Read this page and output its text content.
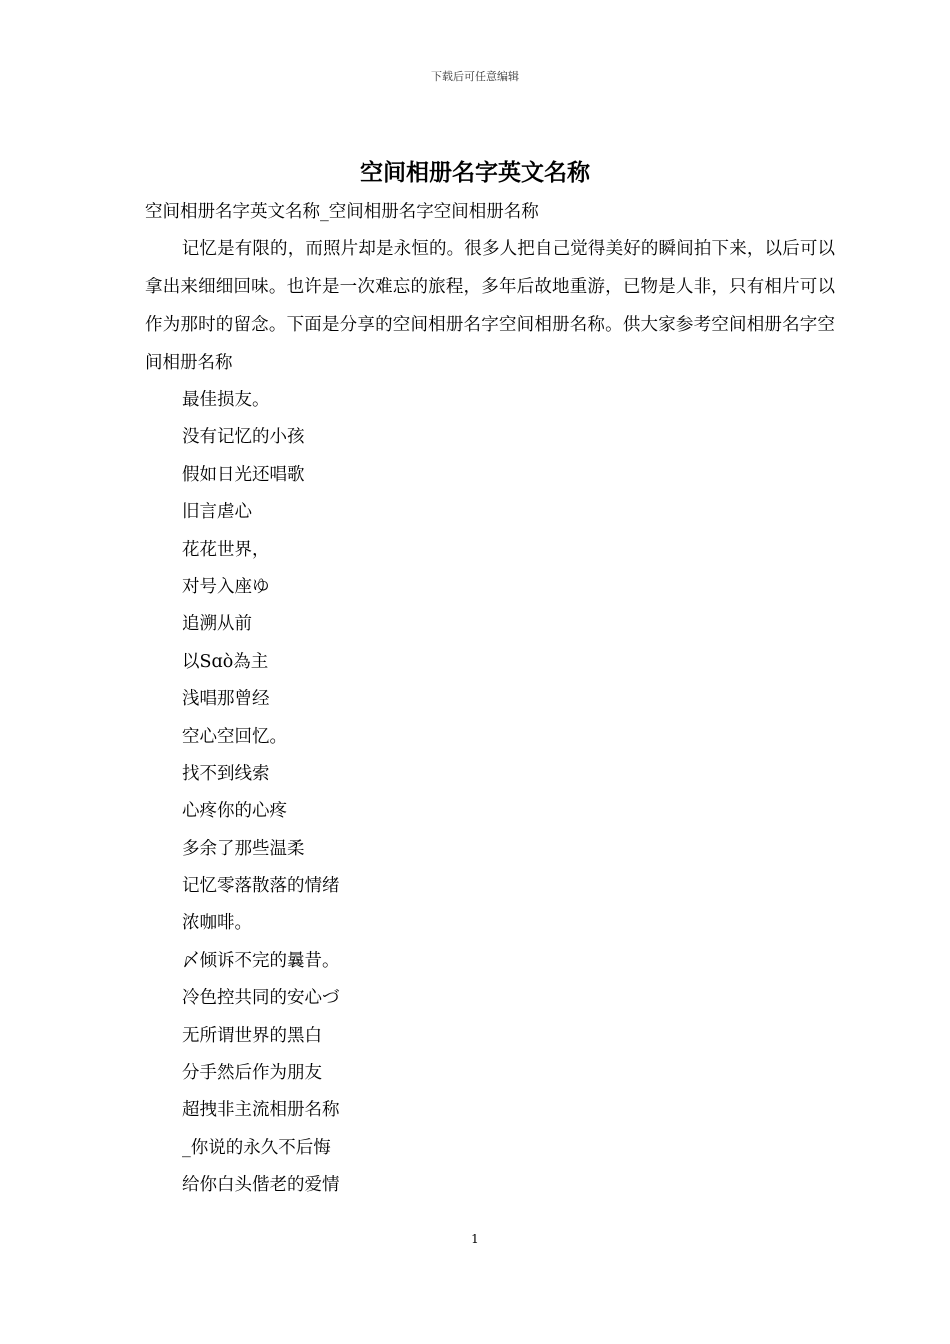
下载后可任意编辑
空间相册名字英文名称
空间相册名字英文名称_空间相册名字空间相册名称

记忆是有限的，而照片却是永恒的。很多人把自己觉得美好的瞬间拍下来，以后可以拿出来细细回味。也许是一次难忘的旅程，多年后故地重游，已物是人非，只有相片可以作为那时的留念。下面是分享的空间相册名字空间相册名称。供大家参考空间相册名字空间相册名称

最佳损友。
没有记忆的小孩
假如日光还唱歌
旧言虐心
花花世界，
对号入座ゆ
追溯从前
以Sɑὸ為主
浅唱那曾经
空心空回忆。
找不到线索
心疼你的心疼
多余了那些温柔
记忆零落散落的情绪
浓咖啡。
〆倾诉不完的曩昔。
冷色控共同的安心づ
无所谓世界的黑白
分手然后作为朋友
超拽非主流相册名称
_你说的永久不后悔
给你白头偕老的爱情
1
